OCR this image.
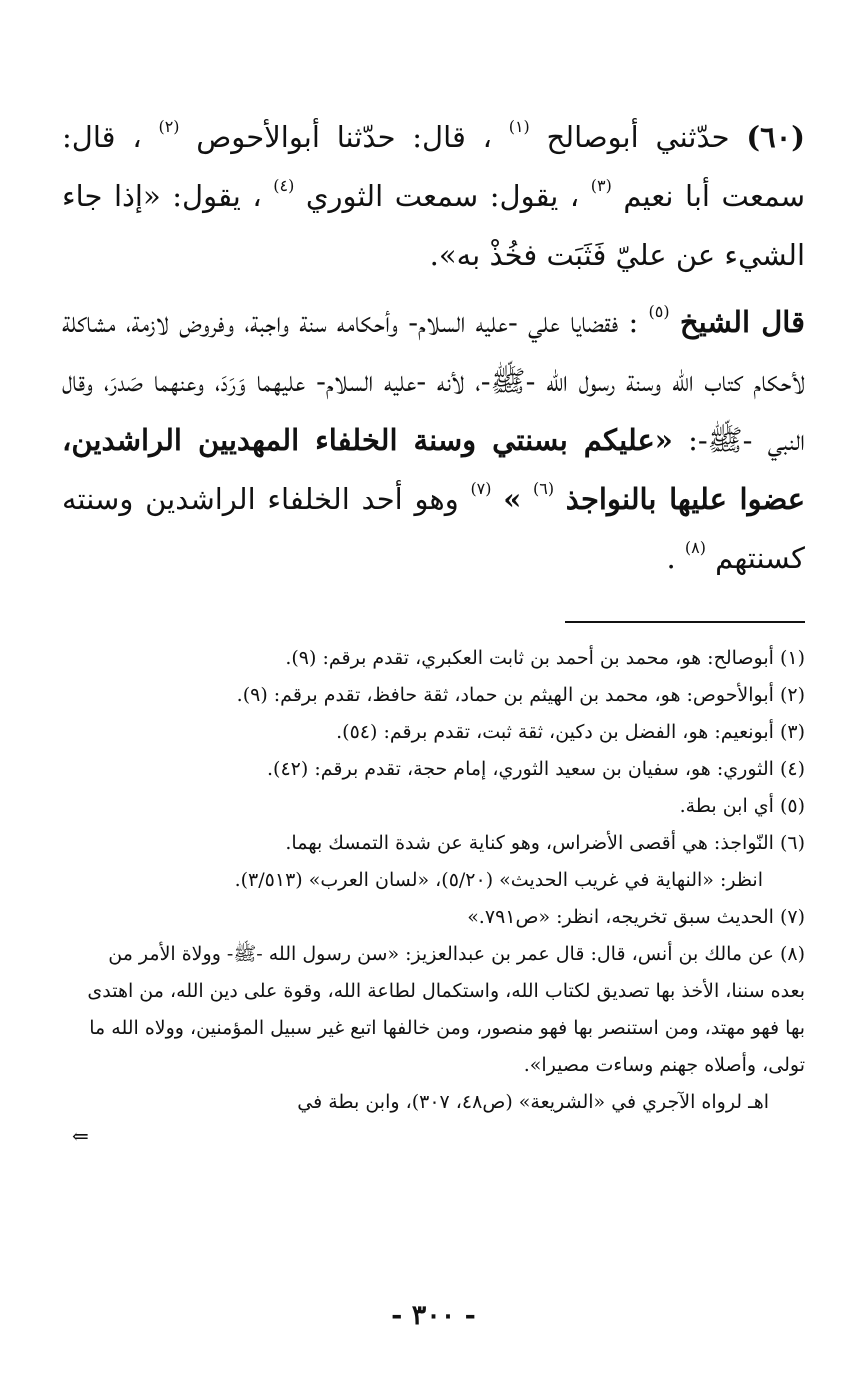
(٦٠) حدّثني أبوصالح $^{(١)}$ ، قال: حدّثنا أبوالأحوص $^{(٢)}$ ، قال: سمعت أبا نعيم $^{(٣)}$ ، يقول: سمعت الثوري $^{(٤)}$ ، يقول: «إذا جاء الشيء عن عليّ فَثَبَت فخُذْ به».

قال الشيخ $^{(٥)}$ : فقضايا علي -عليه السلام- وأحكامه سنة واجبة، وفروض لازمة، مشاكلة لأحكام كتاب الله وسنة رسول الله -ﷺ-، لأنه -عليه السلام- عليهما وَرَدَ، وعنهما صَدرَ، وقال النبي -ﷺ-: «عليكم بسنتي وسنة الخلفاء المهديين الراشدين، عضوا عليها بالنواجذ $^{(٦)}$ » $^{(٧)}$ وهو أحد الخلفاء الراشدين وسنته كسنتهم $^{(٨)}$ .

(١)أبوصالح: هو، محمد بن أحمد بن ثابت العكبري، تقدم برقم: (٩).

(٢)أبوالأحوص: هو، محمد بن الهيثم بن حماد، ثقة حافظ، تقدم برقم: (٩).

(٣)أبونعيم: هو، الفضل بن دكين، ثقة ثبت، تقدم برقم: (٥٤).

(٤)الثوري: هو، سفيان بن سعيد الثوري، إمام حجة، تقدم برقم: (٤٢).

(٥)أي ابن بطة.

(٦)النّواجذ: هي أقصى الأضراس، وهو كناية عن شدة التمسك بهما.

انظر: «النهاية في غريب الحديث» (٥/٢٠)، «لسان العرب» (٣/٥١٣).

(٧)الحديث سبق تخريجه، انظر: «ص٧٩١.»

(٨)عن مالك بن أنس، قال: قال عمر بن عبدالعزيز: «سن رسول الله -ﷺ- وولاة الأمر من بعده سننا، الأخذ بها تصديق لكتاب الله، واستكمال لطاعة الله، وقوة على دين الله، من اهتدى بها فهو مهتد، ومن استنصر بها فهو منصور، ومن خالفها اتبع غير سبيل المؤمنين، وولاه الله ما تولى، وأصلاه جهنم وساءت مصيرا».

اهـ لرواه الآجري في «الشريعة» (ص٤٨، ٣٠٧)، وابن بطة في

⇐

- ٣٠٠ -
